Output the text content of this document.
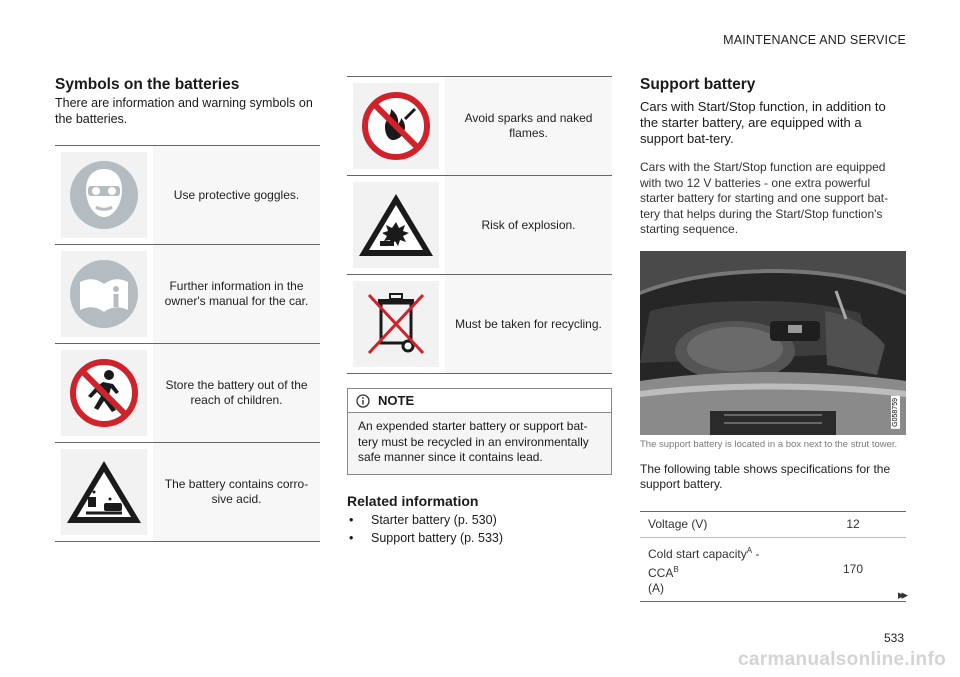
MAINTENANCE AND SERVICE
Symbols on the batteries

There are information and warning symbols on the batteries.

Use protective goggles.
Further information in the owner's manual for the car.
Store the battery out of the reach of children.
The battery contains corro-sive acid.
Avoid sparks and naked flames.
Risk of explosion.
Must be taken for recycling.
NOTE
An expended starter battery or support bat-tery must be recycled in an environmentally safe manner since it contains lead.
Related information
• Starter battery (p. 530)
• Support battery (p. 533)
Support battery

Cars with Start/Stop function, in addition to the starter battery, are equipped with a support bat-tery.

Cars with the Start/Stop function are equipped with two 12 V batteries - one extra powerful starter battery for starting and one support bat-tery that helps during the Start/Stop function's starting sequence.

G058759
The support battery is located in a box next to the strut tower.

The following table shows specifications for the support battery.

Voltage (V)	12
Cold start capacity$^A$ - $CCA^B$
(A)
170
▸▸
533
carmanualsonline.info
